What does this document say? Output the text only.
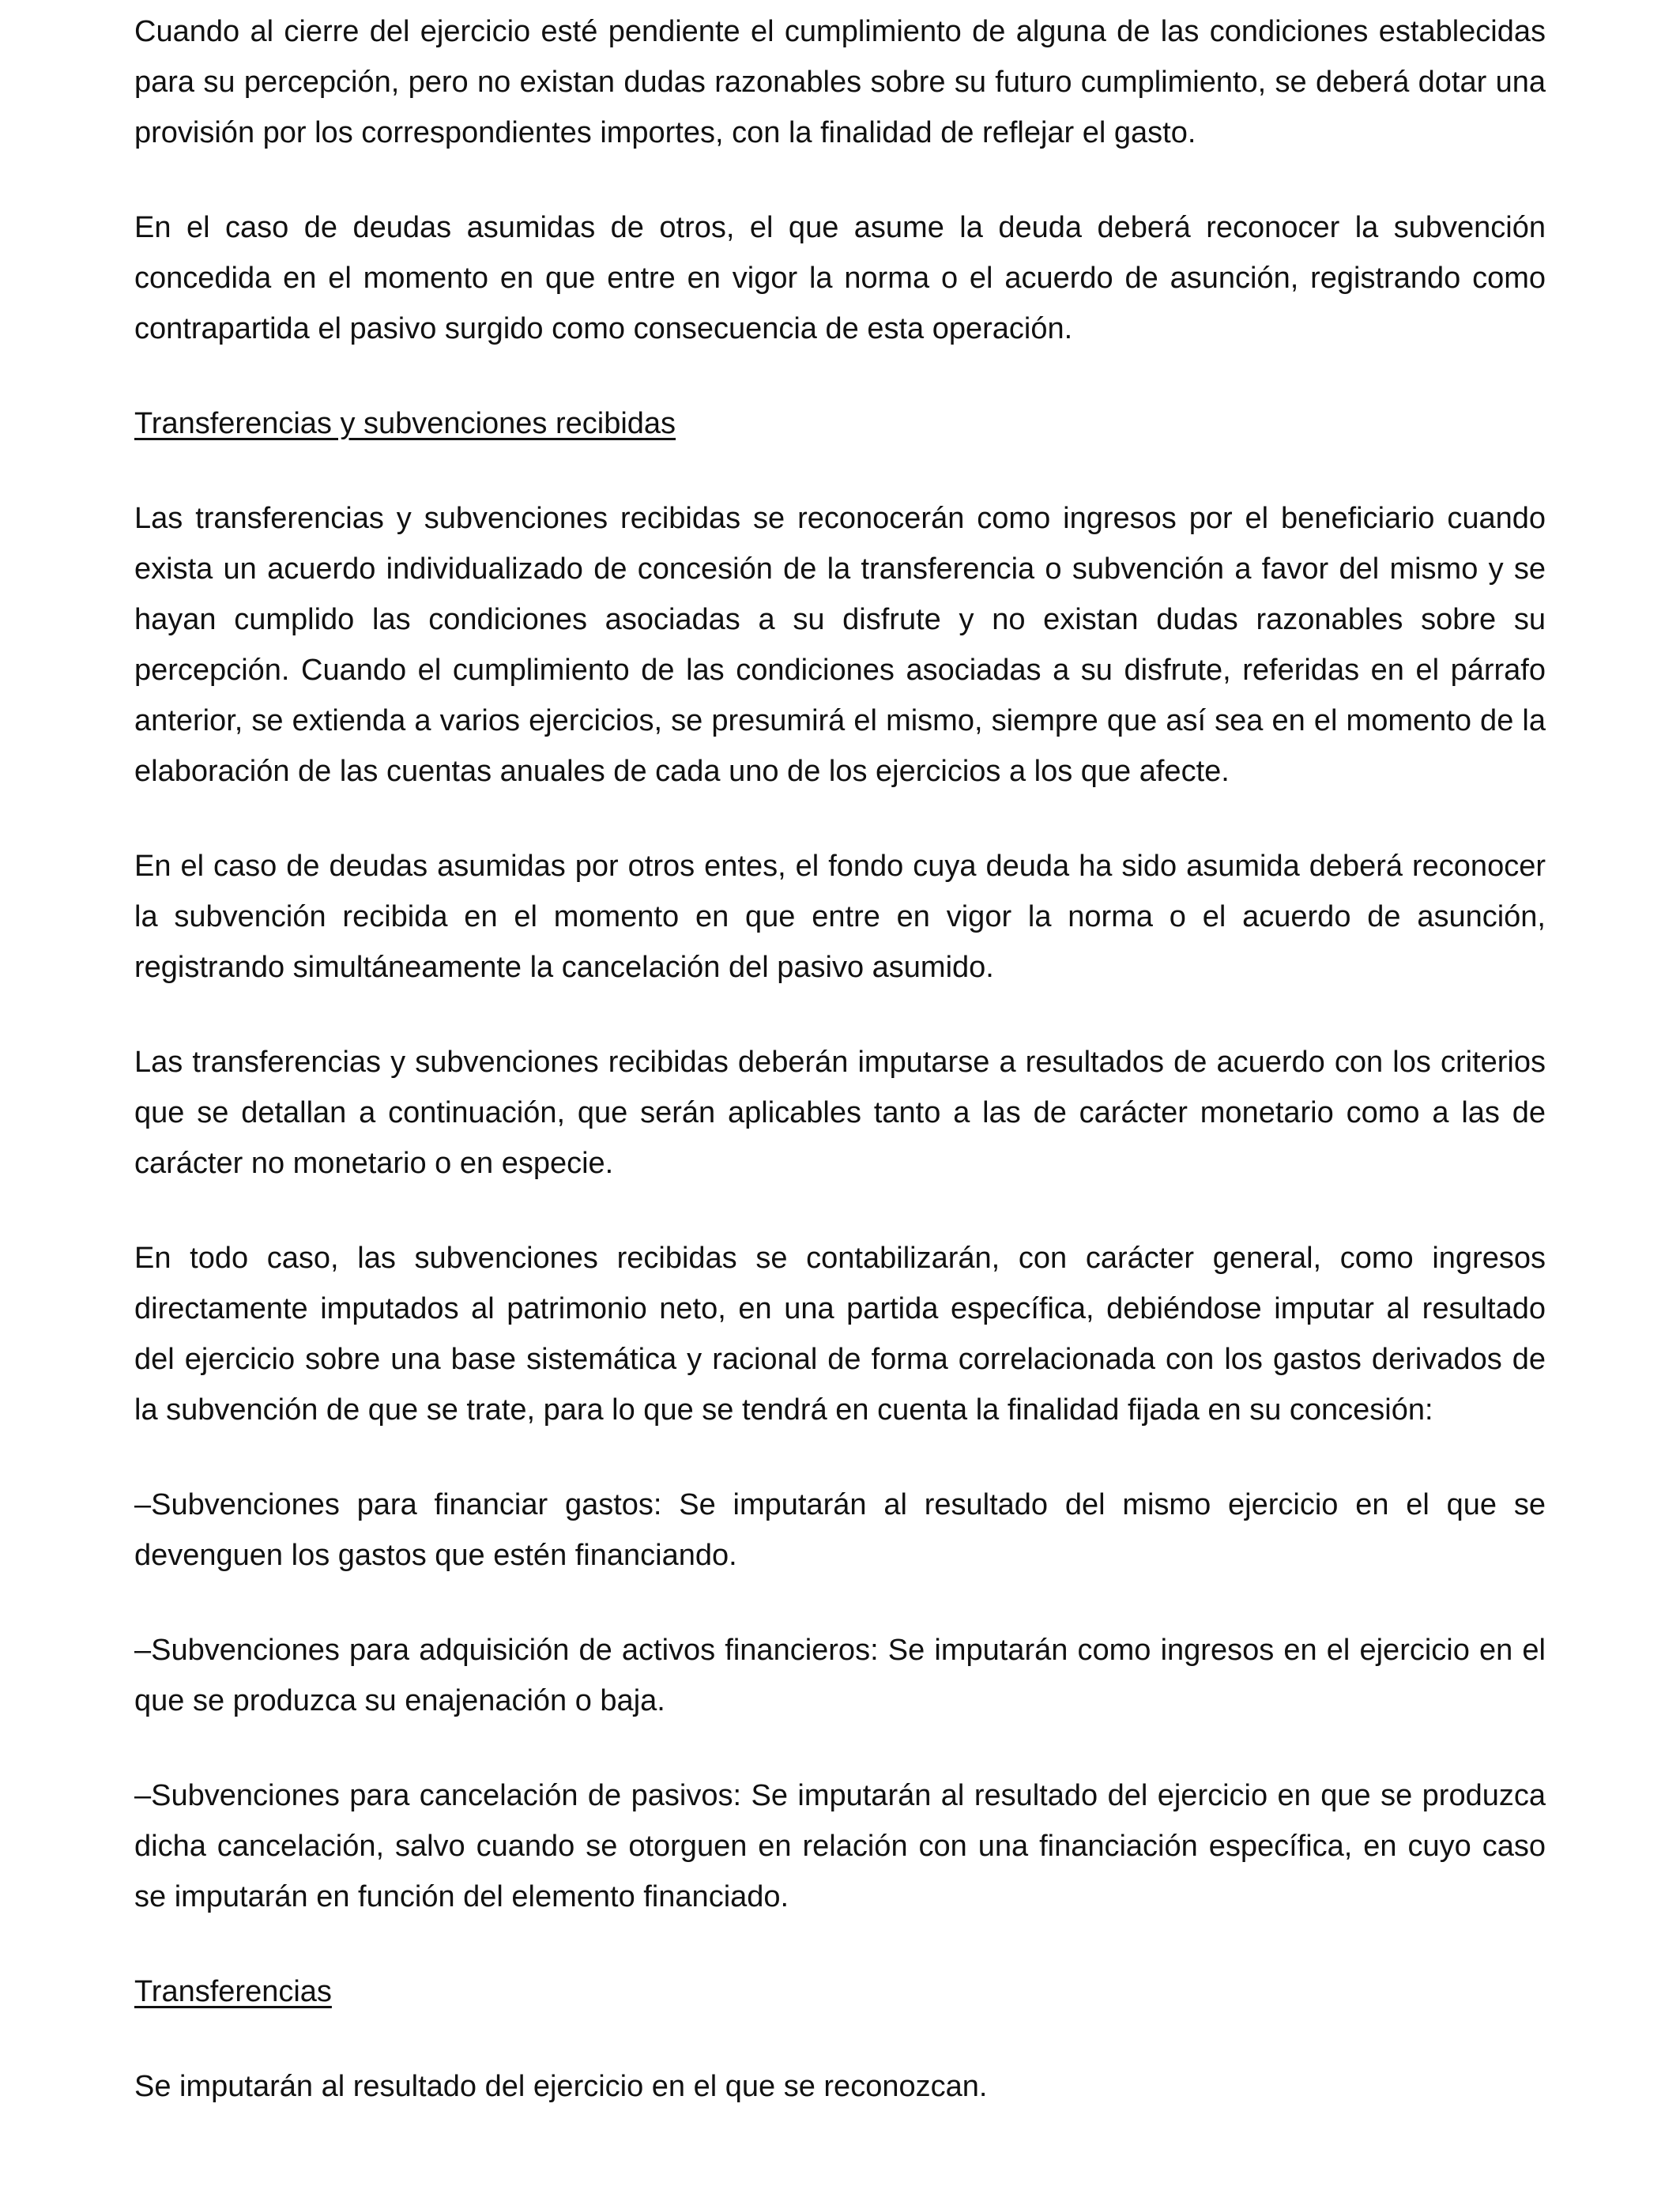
Cuando al cierre del ejercicio esté pendiente el cumplimiento de alguna de las condiciones establecidas para su percepción, pero no existan dudas razonables sobre su futuro cumplimiento, se deberá dotar una provisión por los correspondientes importes, con la finalidad de reflejar el gasto.

En el caso de deudas asumidas de otros, el que asume la deuda deberá reconocer la subvención concedida en el momento en que entre en vigor la norma o el acuerdo de asunción, registrando como contrapartida el pasivo surgido como consecuencia de esta operación.

Transferencias y subvenciones recibidas

Las transferencias y subvenciones recibidas se reconocerán como ingresos por el beneficiario cuando exista un acuerdo individualizado de concesión de la transferencia o subvención a favor del mismo y se hayan cumplido las condiciones asociadas a su disfrute y no existan dudas razonables sobre su percepción. Cuando el cumplimiento de las condiciones asociadas a su disfrute, referidas en el párrafo anterior, se extienda a varios ejercicios, se presumirá el mismo, siempre que así sea en el momento de la elaboración de las cuentas anuales de cada uno de los ejercicios a los que afecte.

En el caso de deudas asumidas por otros entes, el fondo cuya deuda ha sido asumida deberá reconocer la subvención recibida en el momento en que entre en vigor la norma o el acuerdo de asunción, registrando simultáneamente la cancelación del pasivo asumido.

Las transferencias y subvenciones recibidas deberán imputarse a resultados de acuerdo con los criterios que se detallan a continuación, que serán aplicables tanto a las de carácter monetario como a las de carácter no monetario o en especie.

En todo caso, las subvenciones recibidas se contabilizarán, con carácter general, como ingresos directamente imputados al patrimonio neto, en una partida específica, debiéndose imputar al resultado del ejercicio sobre una base sistemática y racional de forma correlacionada con los gastos derivados de la subvención de que se trate, para lo que se tendrá en cuenta la finalidad fijada en su concesión:

–Subvenciones para financiar gastos: Se imputarán al resultado del mismo ejercicio en el que se devenguen los gastos que estén financiando.

–Subvenciones para adquisición de activos financieros: Se imputarán como ingresos en el ejercicio en el que se produzca su enajenación o baja.

–Subvenciones para cancelación de pasivos: Se imputarán al resultado del ejercicio en que se produzca dicha cancelación, salvo cuando se otorguen en relación con una financiación específica, en cuyo caso se imputarán en función del elemento financiado.

Transferencias

Se imputarán al resultado del ejercicio en el que se reconozcan.
